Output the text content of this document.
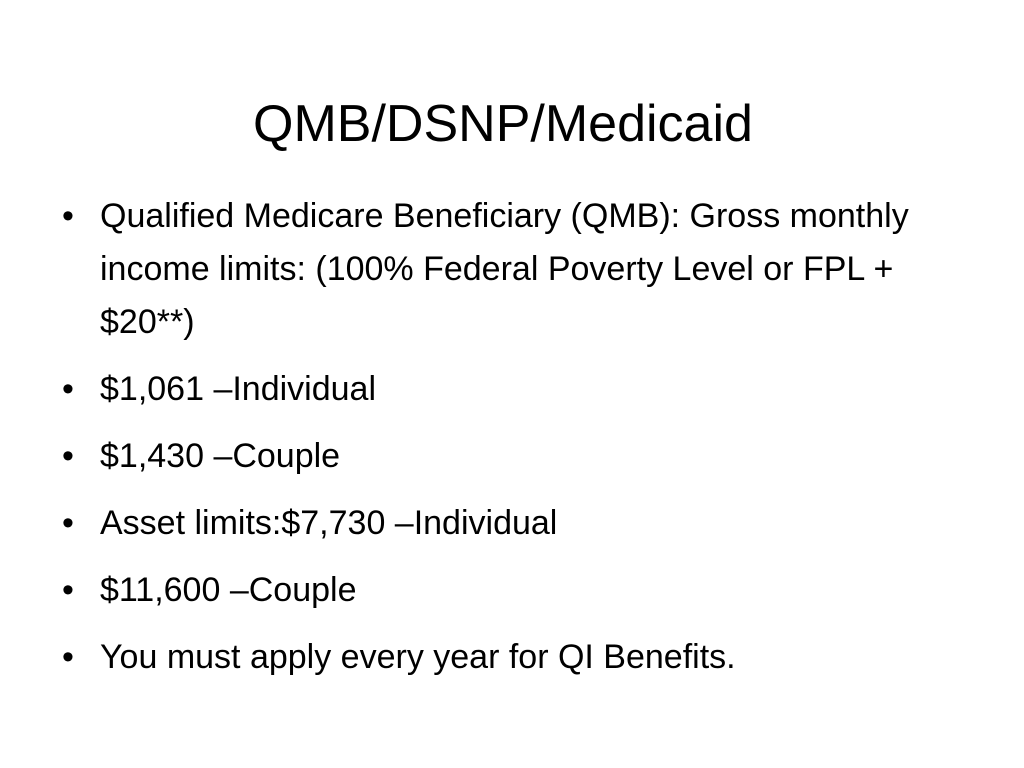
QMB/DSNP/Medicaid
• Qualified Medicare Beneficiary (QMB): Gross monthly income limits: (100% Federal Poverty Level or FPL + $20**)
• $1,061 –Individual
• $1,430 –Couple
• Asset limits:$7,730 –Individual
• $11,600 –Couple
• You must apply every year for QI Benefits.
